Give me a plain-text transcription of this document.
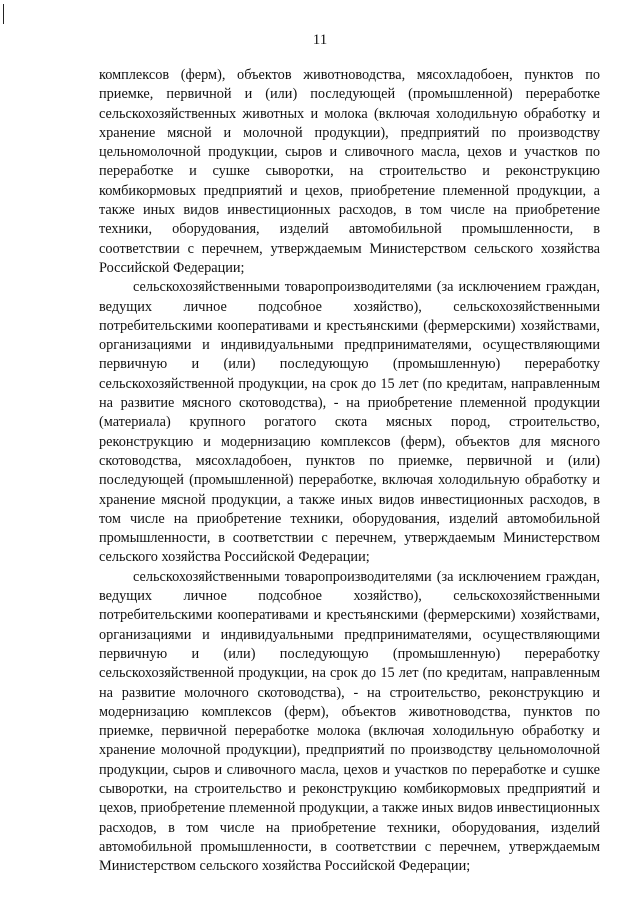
11

комплексов (ферм), объектов животноводства, мясохладобоен, пунктов по приемке, первичной и (или) последующей (промышленной) переработке сельскохозяйственных животных и молока (включая холодильную обработку и хранение мясной и молочной продукции), предприятий по производству цельномолочной продукции, сыров и сливочного масла, цехов и участков по переработке и сушке сыворотки, на строительство и реконструкцию комбикормовых предприятий и цехов, приобретение племенной продукции, а также иных видов инвестиционных расходов, в том числе на приобретение техники, оборудования, изделий автомобильной промышленности, в соответствии с перечнем, утверждаемым Министерством сельского хозяйства Российской Федерации;

сельскохозяйственными товаропроизводителями (за исключением граждан, ведущих личное подсобное хозяйство), сельскохозяйственными потребительскими кооперативами и крестьянскими (фермерскими) хозяйствами, организациями и индивидуальными предпринимателями, осуществляющими первичную и (или) последующую (промышленную) переработку сельскохозяйственной продукции, на срок до 15 лет (по кредитам, направленным на развитие мясного скотоводства), - на приобретение племенной продукции (материала) крупного рогатого скота мясных пород, строительство, реконструкцию и модернизацию комплексов (ферм), объектов для мясного скотоводства, мясохладобоен, пунктов по приемке, первичной и (или) последующей (промышленной) переработке, включая холодильную обработку и хранение мясной продукции, а также иных видов инвестиционных расходов, в том числе на приобретение техники, оборудования, изделий автомобильной промышленности, в соответствии с перечнем, утверждаемым Министерством сельского хозяйства Российской Федерации;

сельскохозяйственными товаропроизводителями (за исключением граждан, ведущих личное подсобное хозяйство), сельскохозяйственными потребительскими кооперативами и крестьянскими (фермерскими) хозяйствами, организациями и индивидуальными предпринимателями, осуществляющими первичную и (или) последующую (промышленную) переработку сельскохозяйственной продукции, на срок до 15 лет (по кредитам, направленным на развитие молочного скотоводства), - на строительство, реконструкцию и модернизацию комплексов (ферм), объектов животноводства, пунктов по приемке, первичной переработке молока (включая холодильную обработку и хранение молочной продукции), предприятий по производству цельномолочной продукции, сыров и сливочного масла, цехов и участков по переработке и сушке сыворотки, на строительство и реконструкцию комбикормовых предприятий и цехов, приобретение племенной продукции, а также иных видов инвестиционных расходов, в том числе на приобретение техники, оборудования, изделий автомобильной промышленности, в соответствии с перечнем, утверждаемым Министерством сельского хозяйства Российской Федерации;
